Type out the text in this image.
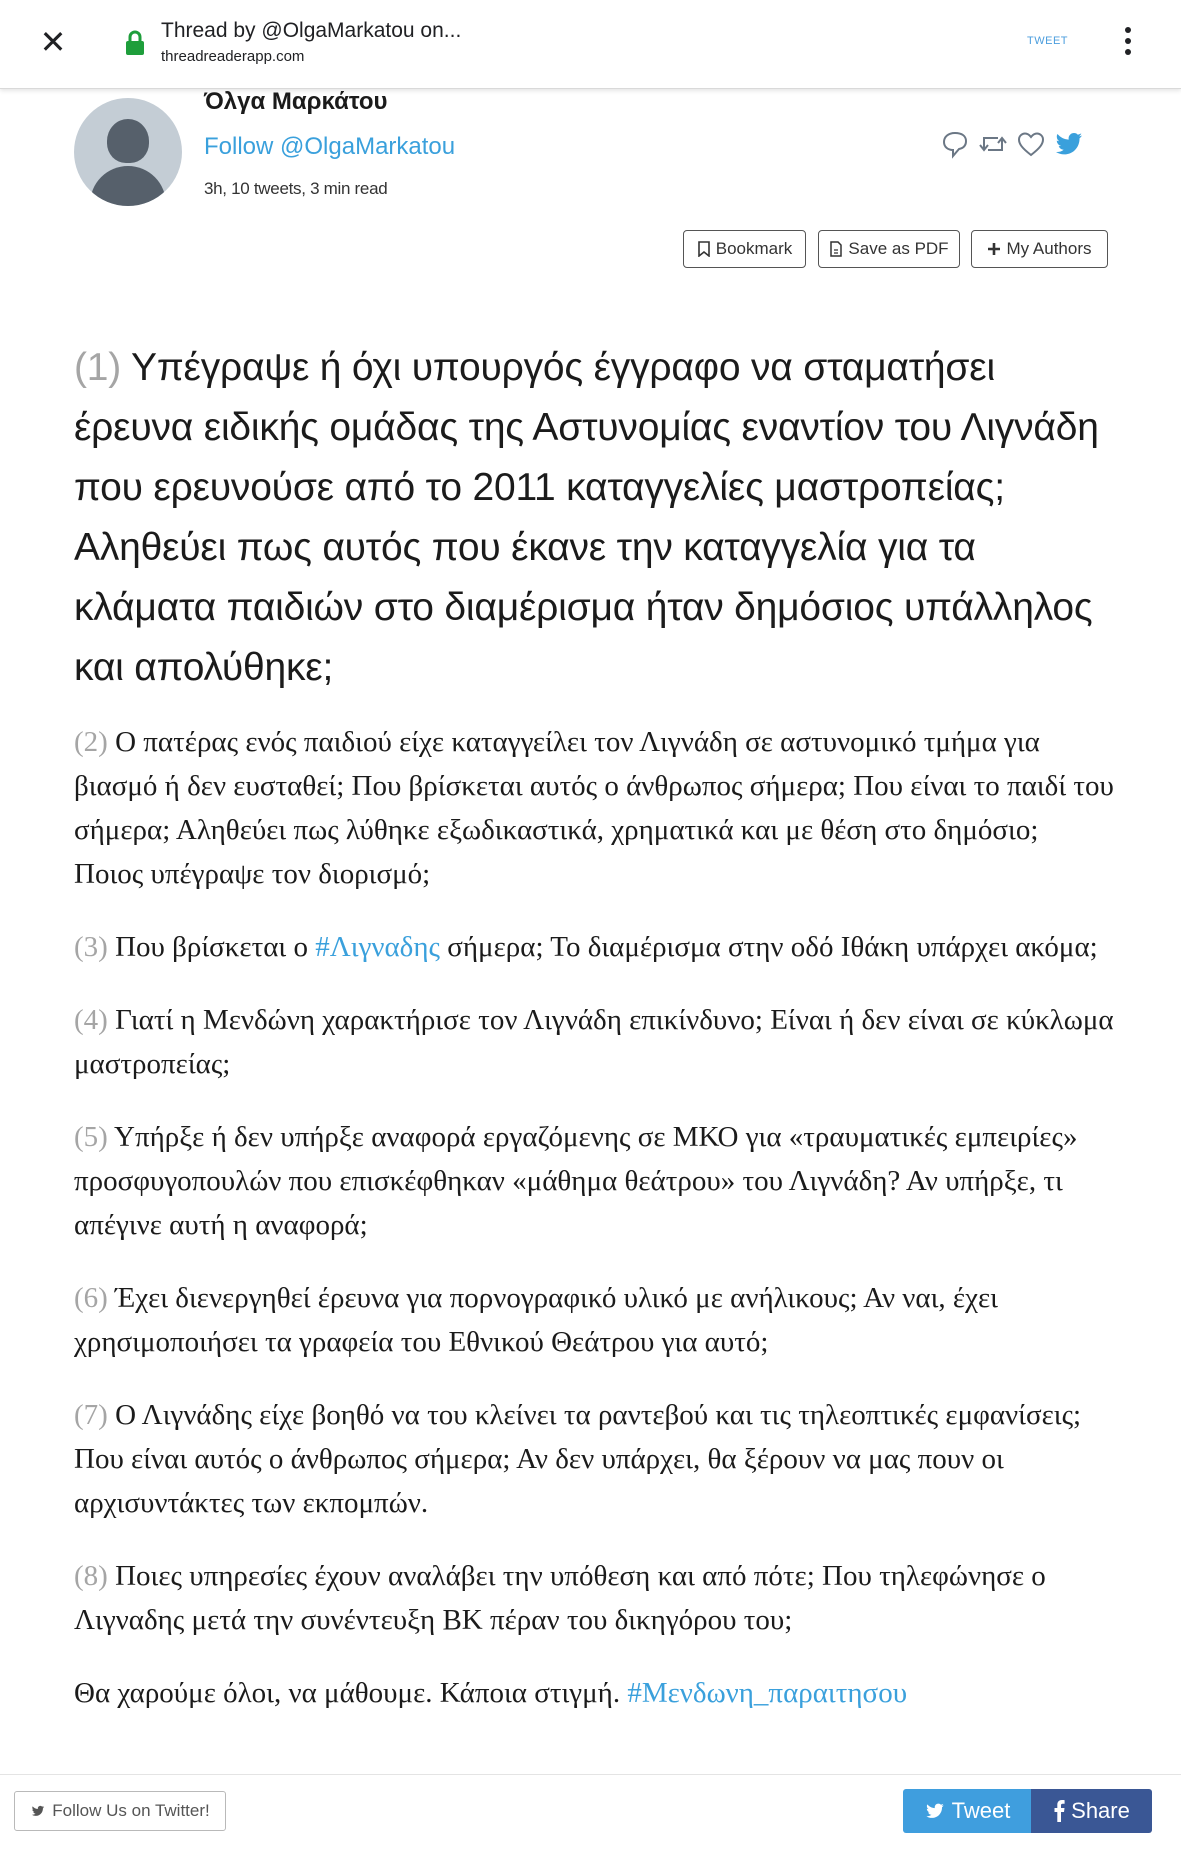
✕	Thread by @OlgaMarkatou on...
threadreaderapp.com
TWEET
Όλγα Μαρκάτου
Follow @OlgaMarkatou
3h, 10 tweets, 3 min read
Bookmark	Save as PDF	My Authors

(1) Υπέγραψε ή όχι υπουργός έγγραφο να σταματήσει έρευνα ειδικής ομάδας της Αστυνομίας εναντίον του Λιγνάδη που ερευνούσε από το 2011 καταγγελίες μαστροπείας; Αληθεύει πως αυτός που έκανε την καταγγελία για τα κλάματα παιδιών στο διαμέρισμα ήταν δημόσιος υπάλληλος και απολύθηκε;

(2) Ο πατέρας ενός παιδιού είχε καταγγείλει τον Λιγνάδη σε αστυνομικό τμήμα για βιασμό ή δεν ευσταθεί; Που βρίσκεται αυτός ο άνθρωπος σήμερα; Που είναι το παιδί του σήμερα; Αληθεύει πως λύθηκε εξωδικαστικά, χρηματικά και με θέση στο δημόσιο; Ποιος υπέγραψε τον διορισμό;

(3) Που βρίσκεται ο #Λιγναδης σήμερα; Το διαμέρισμα στην οδό Ιθάκη υπάρχει ακόμα;

(4) Γιατί η Μενδώνη χαρακτήρισε τον Λιγνάδη επικίνδυνο; Είναι ή δεν είναι σε κύκλωμα μαστροπείας;

(5) Υπήρξε ή δεν υπήρξε αναφορά εργαζόμενης σε ΜΚΟ για «τραυματικές εμπειρίες» προσφυγοπουλών που επισκέφθηκαν «μάθημα θεάτρου» του Λιγνάδη? Αν υπήρξε, τι απέγινε αυτή η αναφορά;

(6) Έχει διενεργηθεί έρευνα για πορνογραφικό υλικό με ανήλικους; Αν ναι, έχει χρησιμοποιήσει τα γραφεία του Εθνικού Θεάτρου για αυτό;

(7) Ο Λιγνάδης είχε βοηθό να του κλείνει τα ραντεβού και τις τηλεοπτικές εμφανίσεις; Που είναι αυτός ο άνθρωπος σήμερα; Αν δεν υπάρχει, θα ξέρουν να μας πουν οι αρχισυντάκτες των εκπομπών.

(8) Ποιες υπηρεσίες έχουν αναλάβει την υπόθεση και από πότε; Που τηλεφώνησε ο Λιγναδης μετά την συνέντευξη ΒΚ πέραν του δικηγόρου του;

Θα χαρούμε όλοι, να μάθουμε. Κάποια στιγμή. #Μενδωνη_παραιτησου

Follow Us on Twitter!	Tweet	Share
